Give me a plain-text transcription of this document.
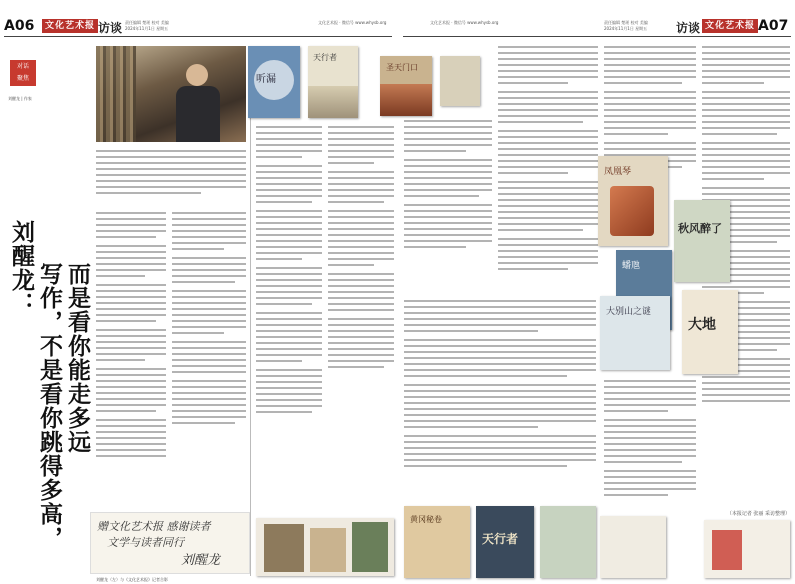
A06	文化艺术报 访谈 责任编辑 楚瑶 校对 美编
2024年11月1日 星期五
文化艺术报 · 微信号 www.whysb.org	文化艺术报 · 微信号 www.whysb.org	责任编辑 楚瑶 校对 美编
2024年11月1日 星期五 访谈 文化艺术报 A07
对话
聚焦
刘醒龙 | 作家
刘醒龙： 写作，不是看你跳得多高， 而是看你能走多远
赠文化艺术报 感谢读者
文学与读者同行
刘醒龙
刘醒龙（左）与《文化艺术报》记者合影
听漏
天行者
圣天门口
凤凰琴
秋风醉了
蟠虺
大别山之谜
大地
（本报记者 张丽 采访整理）
黄冈秘卷
天行者
